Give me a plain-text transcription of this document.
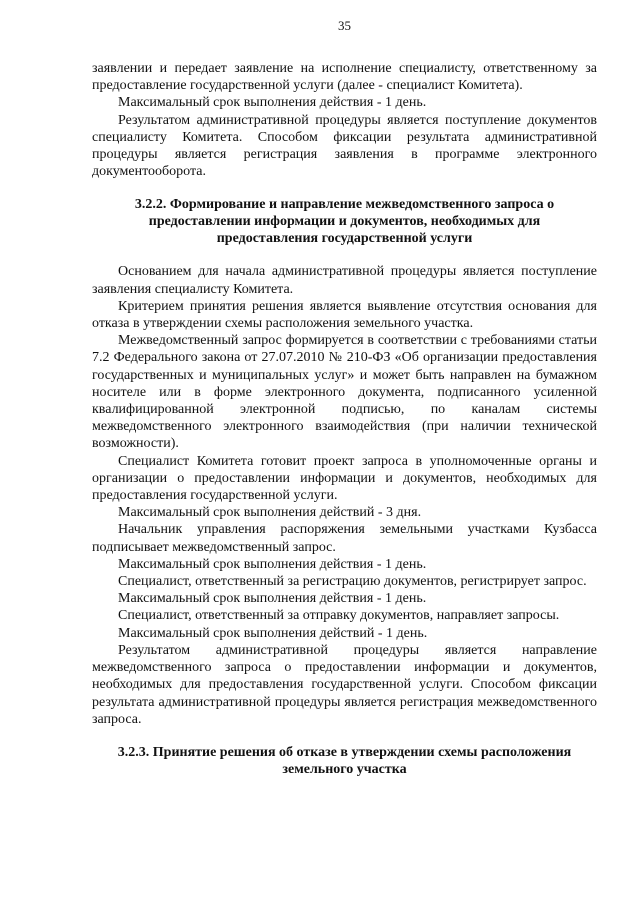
35

заявлении и передает заявление на исполнение специалисту, ответственному за предоставление государственной услуги (далее - специалист Комитета).

Максимальный срок выполнения действия - 1 день.

Результатом административной процедуры является поступление документов специалисту Комитета. Способом фиксации результата административной процедуры является регистрация заявления в программе электронного документооборота.

3.2.2. Формирование и направление межведомственного запроса о предоставлении информации и документов, необходимых для предоставления государственной услуги

Основанием для начала административной процедуры является поступление заявления специалисту Комитета.

Критерием принятия решения является выявление отсутствия основания для отказа в утверждении схемы расположения земельного участка.

Межведомственный запрос формируется в соответствии с требованиями статьи 7.2 Федерального закона от 27.07.2010 № 210-ФЗ «Об организации предоставления государственных и муниципальных услуг» и может быть направлен на бумажном носителе или в форме электронного документа, подписанного усиленной квалифицированной электронной подписью, по каналам системы межведомственного электронного взаимодействия (при наличии технической возможности).

Специалист Комитета готовит проект запроса в уполномоченные органы и организации о предоставлении информации и документов, необходимых для предоставления государственной услуги.

Максимальный срок выполнения действий - 3 дня.

Начальник управления распоряжения земельными участками Кузбасса подписывает межведомственный запрос.

Максимальный срок выполнения действия - 1 день.

Специалист, ответственный за регистрацию документов, регистрирует запрос.

Максимальный срок выполнения действия - 1 день.

Специалист, ответственный за отправку документов, направляет запросы.

Максимальный срок выполнения действий - 1 день.

Результатом административной процедуры является направление межведомственного запроса о предоставлении информации и документов, необходимых для предоставления государственной услуги. Способом фиксации результата административной процедуры является регистрация межведомственного запроса.

3.2.3. Принятие решения об отказе в утверждении схемы расположения земельного участка
